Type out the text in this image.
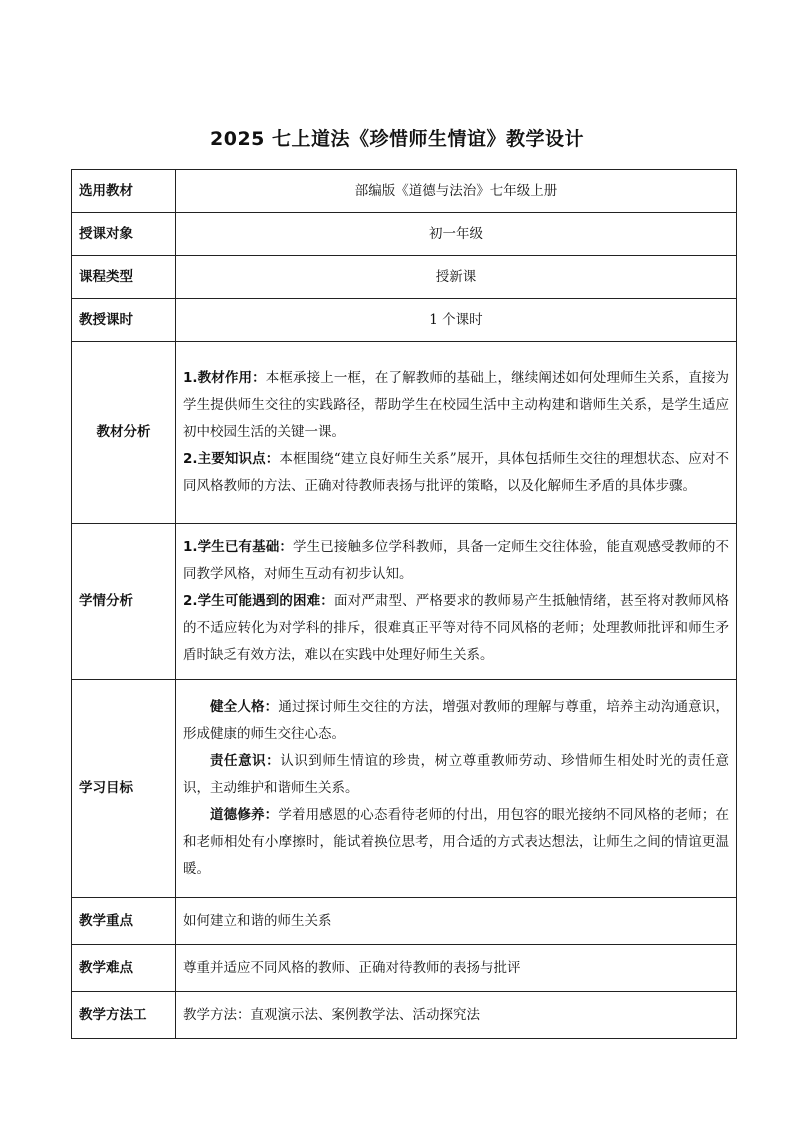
2025 七上道法《珍惜师生情谊》教学设计
选用教材	部编版《道德与法治》七年级上册
授课对象	初一年级
课程类型	授新课
教授课时	1 个课时
教材分析	1.教材作用：本框承接上一框，在了解教师的基础上，继续阐述如何处理师生关系，直接为学生提供师生交往的实践路径，帮助学生在校园生活中主动构建和谐师生关系，是学生适应初中校园生活的关键一课。

2.主要知识点：本框围绕“建立良好师生关系”展开，具体包括师生交往的理想状态、应对不同风格教师的方法、正确对待教师表扬与批评的策略，以及化解师生矛盾的具体步骤。

学情分析	1.学生已有基础：学生已接触多位学科教师，具备一定师生交往体验，能直观感受教师的不同教学风格，对师生互动有初步认知。

2.学生可能遇到的困难：面对严肃型、严格要求的教师易产生抵触情绪，甚至将对教师风格的不适应转化为对学科的排斥，很难真正平等对待不同风格的老师；处理教师批评和师生矛盾时缺乏有效方法，难以在实践中处理好师生关系。

学习目标	健全人格：通过探讨师生交往的方法，增强对教师的理解与尊重，培养主动沟通意识，形成健康的师生交往心态。

责任意识：认识到师生情谊的珍贵，树立尊重教师劳动、珍惜师生相处时光的责任意识，主动维护和谐师生关系。

道德修养：学着用感恩的心态看待老师的付出，用包容的眼光接纳不同风格的老师；在和老师相处有小摩擦时，能试着换位思考，用合适的方式表达想法，让师生之间的情谊更温暖。

教学重点	如何建立和谐的师生关系
教学难点	尊重并适应不同风格的教师、正确对待教师的表扬与批评
教学方法工	教学方法：直观演示法、案例教学法、活动探究法
